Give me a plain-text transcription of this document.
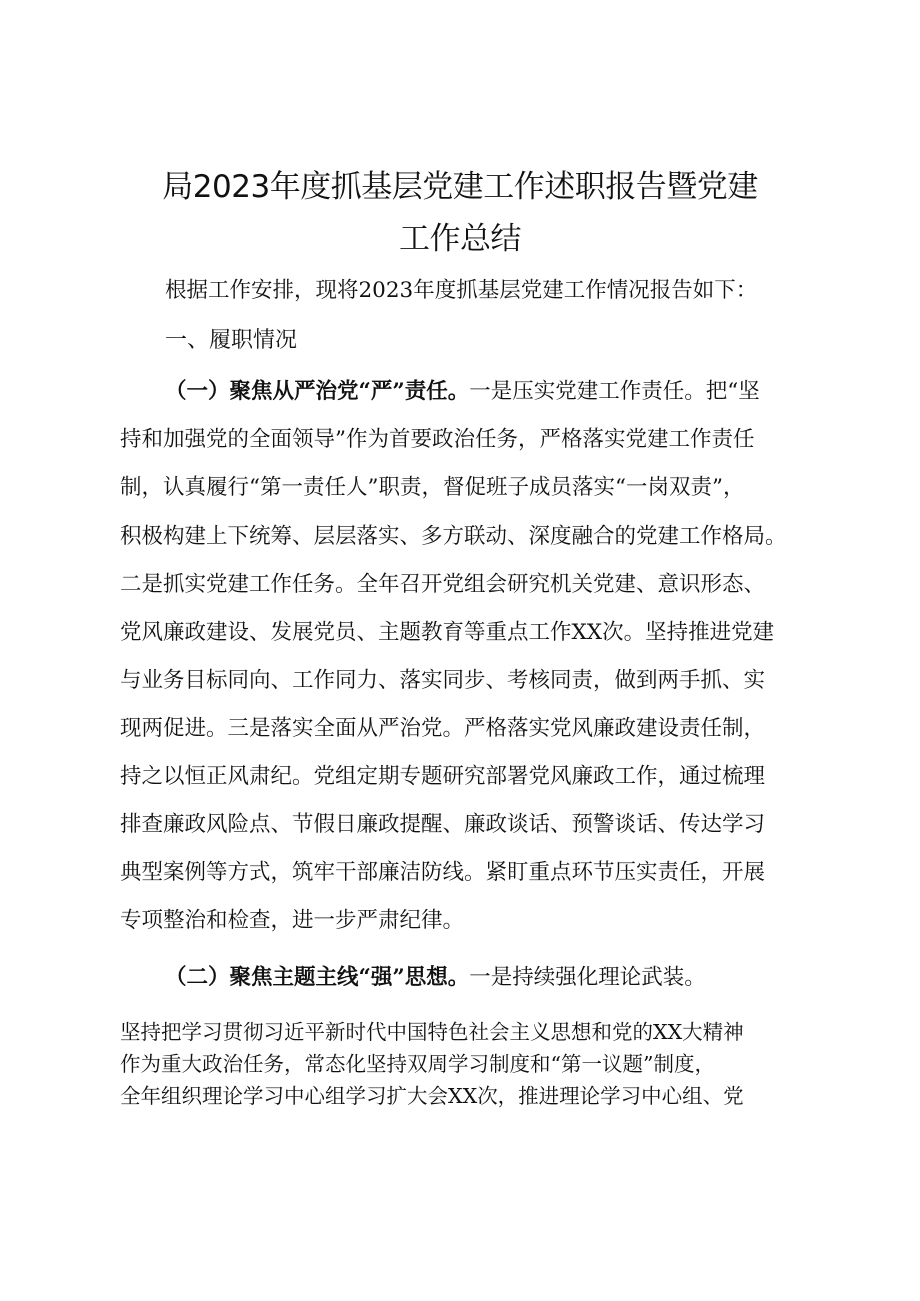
局2023年度抓基层党建工作述职报告暨党建
工作总结
根据工作安排，现将2023年度抓基层党建工作情况报告如下：
一、履职情况
（一）聚焦从严治党“严”责任。一是压实党建工作责任。把“坚
持和加强党的全面领导”作为首要政治任务，严格落实党建工作责任
制，认真履行“第一责任人”职责，督促班子成员落实“一岗双责”，
积极构建上下统筹、层层落实、多方联动、深度融合的党建工作格局。
二是抓实党建工作任务。全年召开党组会研究机关党建、意识形态、
党风廉政建设、发展党员、主题教育等重点工作XX次。坚持推进党建
与业务目标同向、工作同力、落实同步、考核同责，做到两手抓、实
现两促进。三是落实全面从严治党。严格落实党风廉政建设责任制，
持之以恒正风肃纪。党组定期专题研究部署党风廉政工作，通过梳理
排查廉政风险点、节假日廉政提醒、廉政谈话、预警谈话、传达学习
典型案例等方式，筑牢干部廉洁防线。紧盯重点环节压实责任，开展
专项整治和检查，进一步严肃纪律。
（二）聚焦主题主线“强”思想。一是持续强化理论武装。
坚持把学习贯彻习近平新时代中国特色社会主义思想和党的XX大精神
作为重大政治任务，常态化坚持双周学习制度和“第一议题”制度，
全年组织理论学习中心组学习扩大会XX次，推进理论学习中心组、党
